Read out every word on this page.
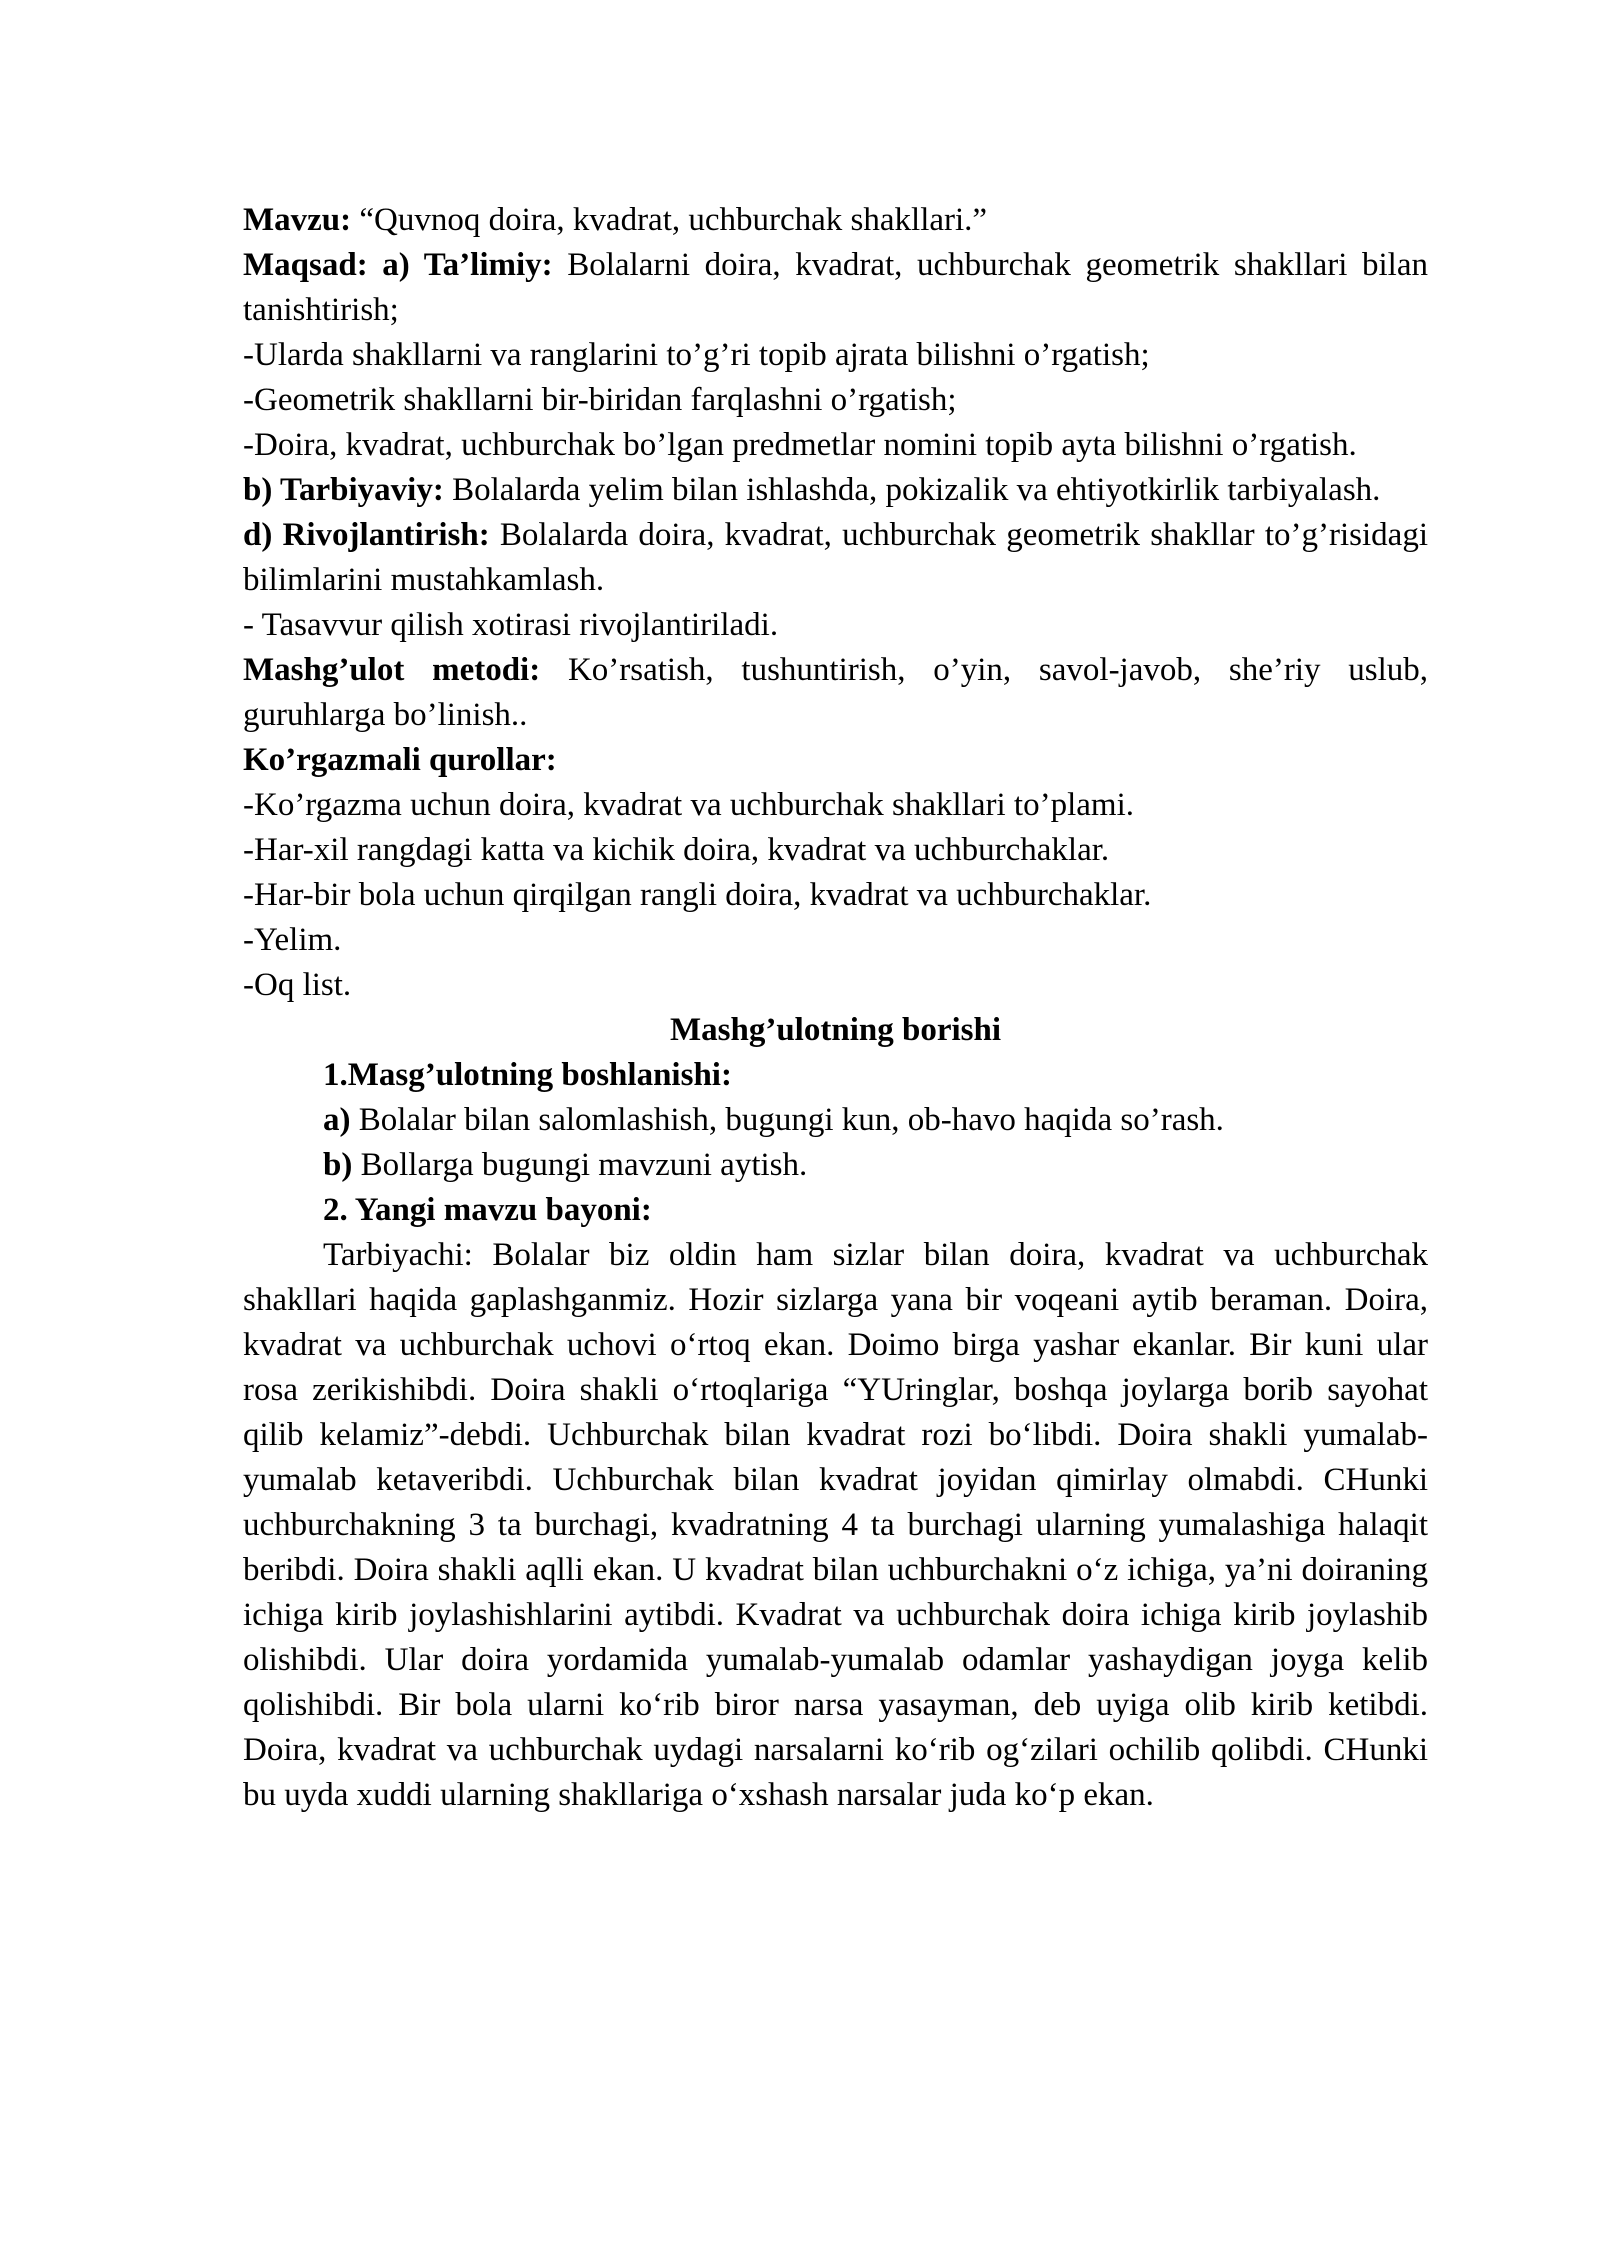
Mavzu: “Quvnoq doira, kvadrat, uchburchak shakllari.”

Maqsad: a) Ta’limiy: Bolalarni doira, kvadrat, uchburchak geometrik shakllari bilan tanishtirish;

-Ularda shakllarni va ranglarini to’g’ri topib ajrata bilishni o’rgatish;

-Geometrik shakllarni bir-biridan farqlashni o’rgatish;

-Doira, kvadrat, uchburchak bo’lgan predmetlar nomini topib ayta bilishni o’rgatish.

b) Tarbiyaviy: Bolalarda yelim bilan ishlashda, pokizalik va ehtiyotkirlik tarbiyalash.

d) Rivojlantirish: Bolalarda doira, kvadrat, uchburchak geometrik shakllar to’g’risidagi bilimlarini mustahkamlash.

- Tasavvur qilish xotirasi rivojlantiriladi.

Mashg’ulot metodi: Ko’rsatish, tushuntirish, o’yin, savol-javob, she’riy uslub, guruhlarga bo’linish..

Ko’rgazmali qurollar:

-Ko’rgazma uchun doira, kvadrat va uchburchak shakllari to’plami.

-Har-xil rangdagi katta va kichik doira, kvadrat va uchburchaklar.

-Har-bir bola uchun qirqilgan rangli doira, kvadrat va uchburchaklar.

-Yelim.

-Oq list.

Mashg’ulotning borishi

1.Masg’ulotning boshlanishi:

a) Bolalar bilan salomlashish, bugungi kun, ob-havo haqida so’rash.

b) Bollarga bugungi mavzuni aytish.

2. Yangi mavzu bayoni:

Tarbiyachi: Bolalar biz oldin ham sizlar bilan doira, kvadrat va uchburchak shakllari haqida gaplashganmiz. Hozir sizlarga yana bir voqeani aytib beraman. Doira, kvadrat va uchburchak uchovi o‘rtoq ekan. Doimo birga yashar ekanlar. Bir kuni ular rosa zerikishibdi. Doira shakli o‘rtoqlariga “YUringlar, boshqa joylarga borib sayohat qilib kelamiz”-debdi. Uchburchak bilan kvadrat rozi bo‘libdi. Doira shakli yumalab-yumalab ketaveribdi. Uchburchak bilan kvadrat joyidan qimirlay olmabdi. CHunki uchburchakning 3 ta burchagi, kvadratning 4 ta burchagi ularning yumalashiga halaqit beribdi. Doira shakli aqlli ekan. U kvadrat bilan uchburchakni o‘z ichiga, ya’ni doiraning ichiga kirib joylashishlarini aytibdi. Kvadrat va uchburchak doira ichiga kirib joylashib olishibdi. Ular doira yordamida yumalab-yumalab odamlar yashaydigan joyga kelib qolishibdi. Bir bola ularni ko‘rib biror narsa yasayman, deb uyiga olib kirib ketibdi. Doira, kvadrat va uchburchak uydagi narsalarni ko‘rib og‘zilari ochilib qolibdi. CHunki bu uyda xuddi ularning shakllariga o‘xshash narsalar juda ko‘p ekan.
